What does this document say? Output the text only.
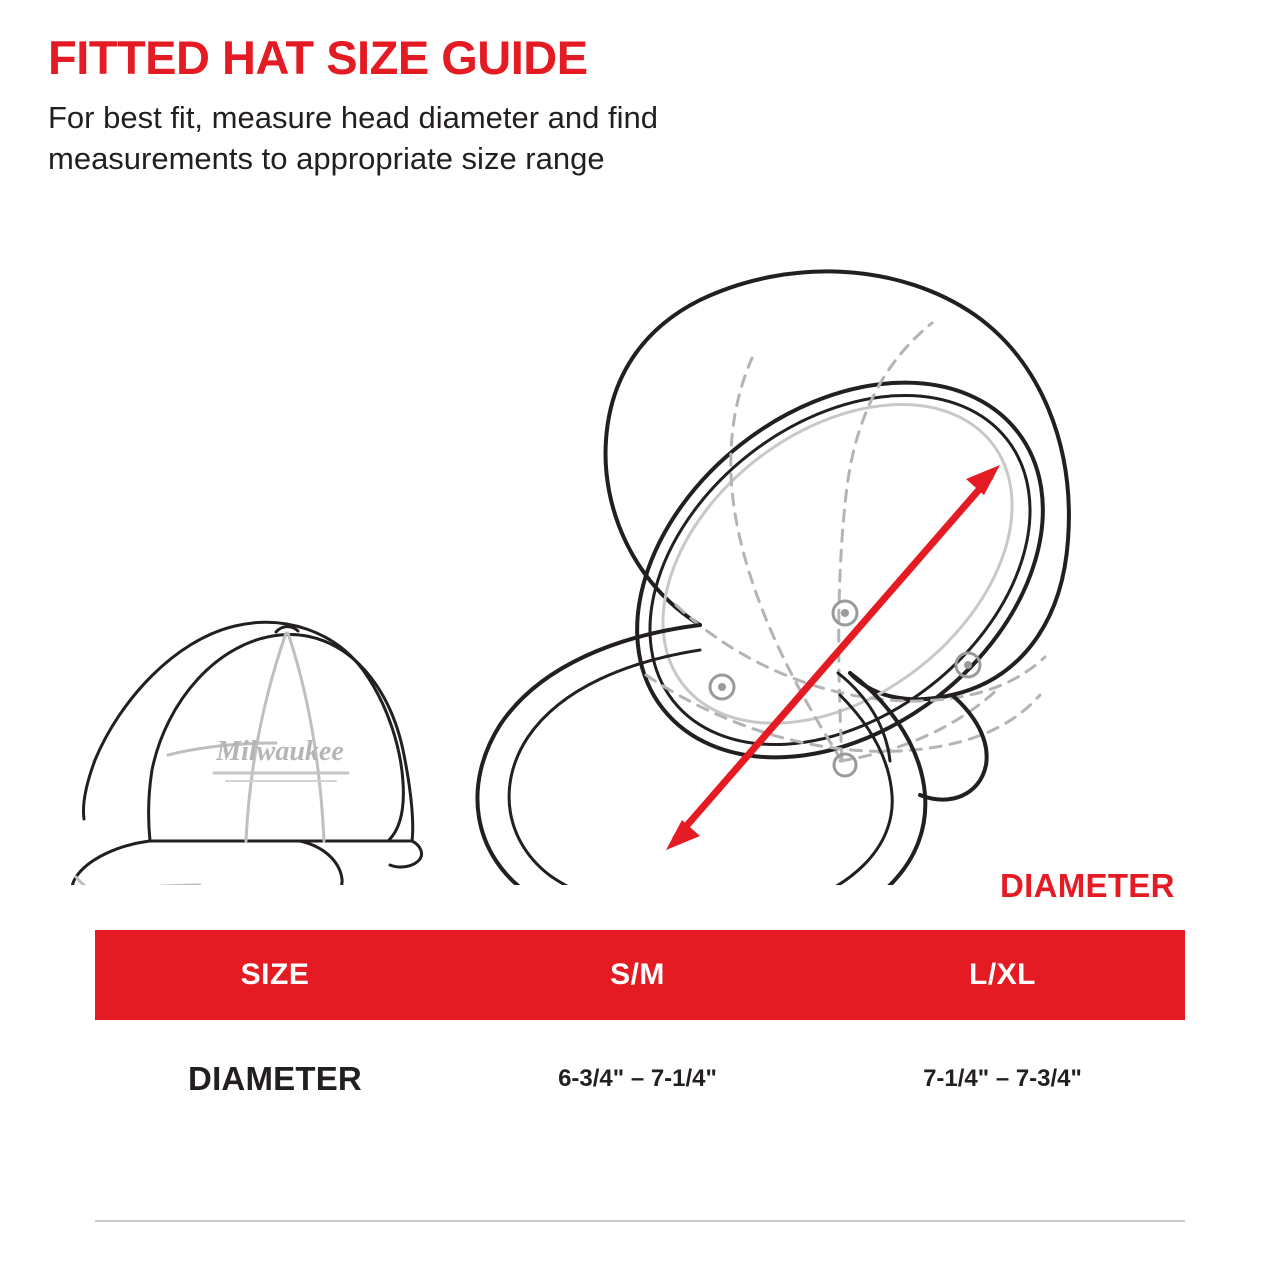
FITTED HAT SIZE GUIDE
For best fit, measure head diameter and find measurements to appropriate size range
Milwaukee
DIAMETER
SIZE	S/M	L/XL
DIAMETER	6-3/4" – 7-1/4"	7-1/4" – 7-3/4"
